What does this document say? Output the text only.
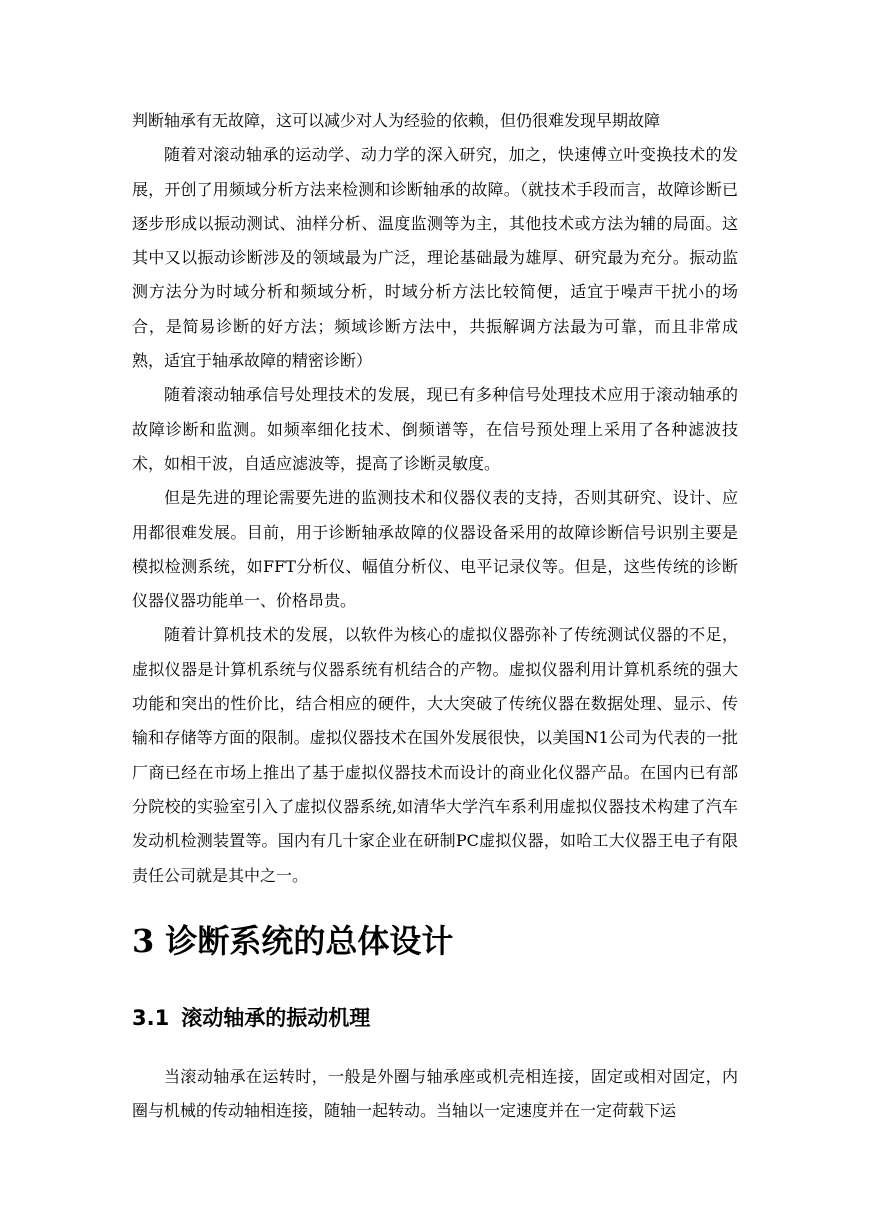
判断轴承有无故障，这可以减少对人为经验的依赖，但仍很难发现早期故障

随着对滚动轴承的运动学、动力学的深入研究，加之，快速傅立叶变换技术的发展，开创了用频域分析方法来检测和诊断轴承的故障。（就技术手段而言，故障诊断已逐步形成以振动测试、油样分析、温度监测等为主，其他技术或方法为辅的局面。这其中又以振动诊断涉及的领域最为广泛，理论基础最为雄厚、研究最为充分。振动监测方法分为时域分析和频域分析，时域分析方法比较简便，适宜于噪声干扰小的场合，是简易诊断的好方法；频域诊断方法中，共振解调方法最为可靠，而且非常成熟，适宜于轴承故障的精密诊断）

随着滚动轴承信号处理技术的发展，现已有多种信号处理技术应用于滚动轴承的故障诊断和监测。如频率细化技术、倒频谱等，在信号预处理上采用了各种滤波技术，如相干波，自适应滤波等，提高了诊断灵敏度。

但是先进的理论需要先进的监测技术和仪器仪表的支持，否则其研究、设计、应用都很难发展。目前，用于诊断轴承故障的仪器设备采用的故障诊断信号识别主要是模拟检测系统，如FFT分析仪、幅值分析仪、电平记录仪等。但是，这些传统的诊断仪器仪器功能单一、价格昂贵。

随着计算机技术的发展，以软件为核心的虚拟仪器弥补了传统测试仪器的不足，虚拟仪器是计算机系统与仪器系统有机结合的产物。虚拟仪器利用计算机系统的强大功能和突出的性价比，结合相应的硬件，大大突破了传统仪器在数据处理、显示、传输和存储等方面的限制。虚拟仪器技术在国外发展很快，以美国N1公司为代表的一批厂商已经在市场上推出了基于虚拟仪器技术而设计的商业化仪器产品。在国内已有部分院校的实验室引入了虚拟仪器系统,如清华大学汽车系利用虚拟仪器技术构建了汽车发动机检测装置等。国内有几十家企业在研制PC虚拟仪器，如哈工大仪器王电子有限责任公司就是其中之一。

3 诊断系统的总体设计
3.1 滚动轴承的振动机理

当滚动轴承在运转时，一般是外圈与轴承座或机壳相连接，固定或相对固定，内圈与机械的传动轴相连接，随轴一起转动。当轴以一定速度并在一定荷载下运
